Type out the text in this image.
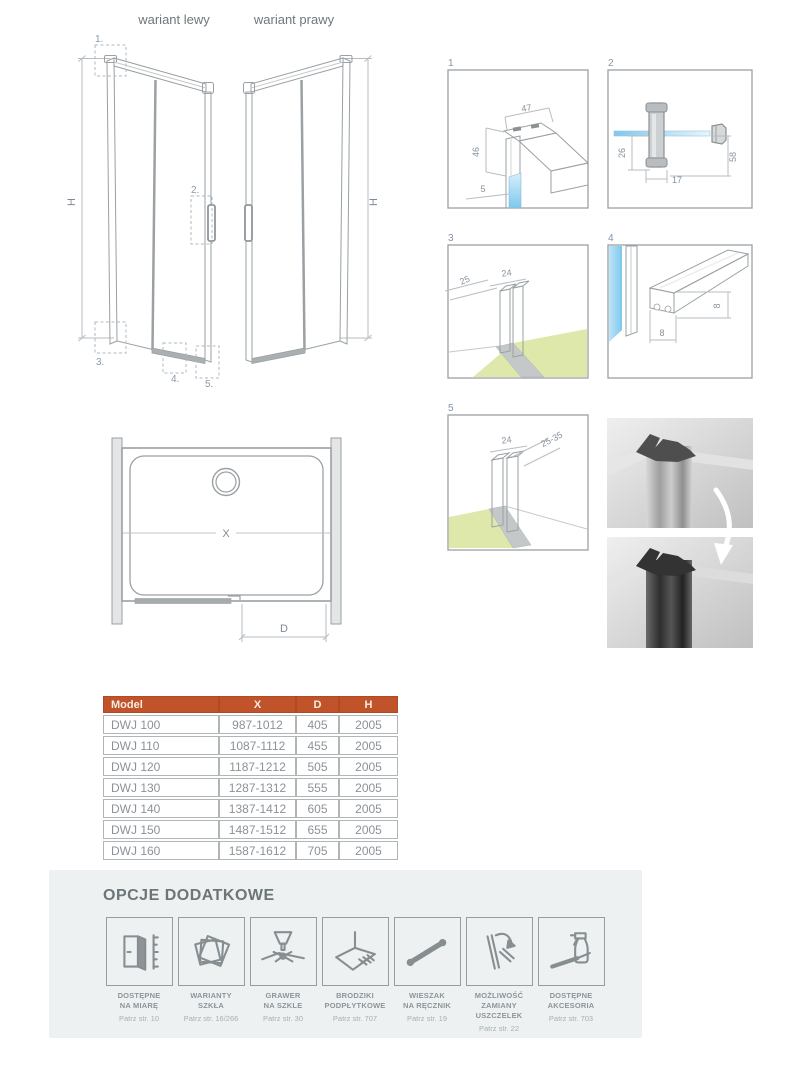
wariant lewy	wariant prawy
H
1.
2.
3.
4.	5.
H
1
47
46
5
2
26
17
58
3
24
25
4
8
8
5
24	25-35
X
D
Model	X	D	H
DWJ 100	987-1012	405	2005
DWJ 110	1087-1112	455	2005
DWJ 120	1187-1212	505	2005
DWJ 130	1287-1312	555	2005
DWJ 140	1387-1412	605	2005
DWJ 150	1487-1512	655	2005
DWJ 160	1587-1612	705	2005
OPCJE DODATKOWE
DOSTĘPNE
NA MIARĘ
Patrz str. 10
WARIANTY
SZKŁA
Patrz str. 16/266
GRAWER
NA SZKLE
Patrz str. 30
BRODZIKI
PODPŁYTKOWE
Patrz str. 707
WIESZAK
NA RĘCZNIK
Patrz str. 19
MOŻLIWOŚĆ
ZAMIANY
USZCZELEK
Patrz str. 22
DOSTĘPNE
AKCESORIA
Patrz str. 703
